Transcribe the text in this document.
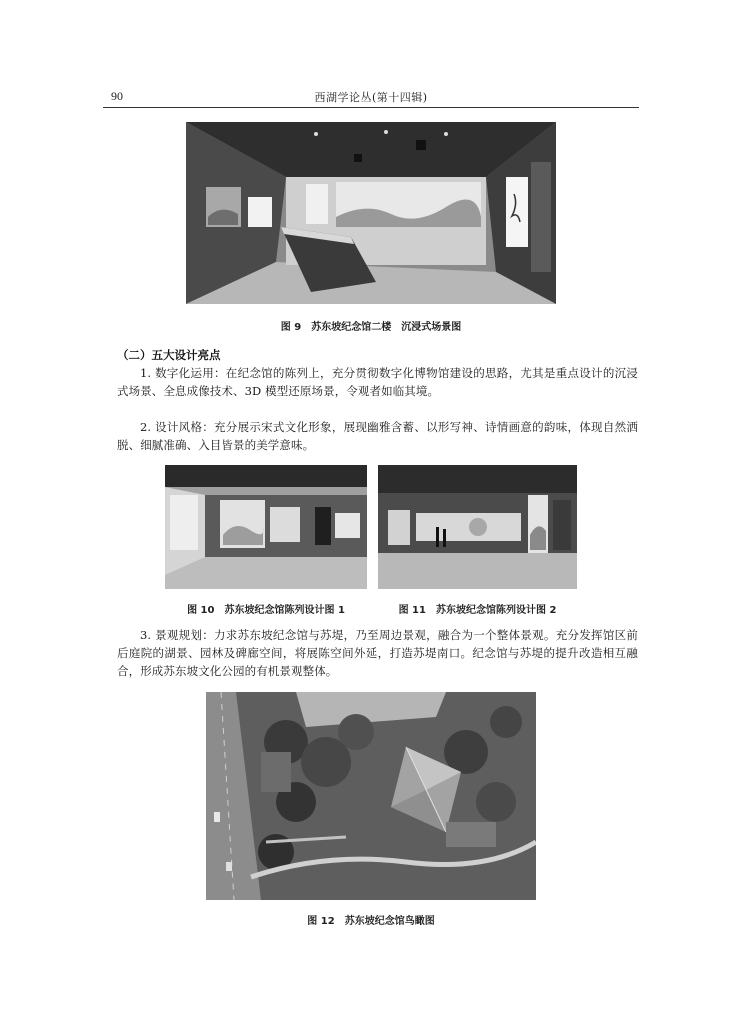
90	西湖学论丛(第十四辑)
图 9　苏东坡纪念馆二楼　沉浸式场景图
（二）五大设计亮点

1. 数字化运用：在纪念馆的陈列上，充分贯彻数字化博物馆建设的思路，尤其是重点设计的沉浸式场景、全息成像技术、3D 模型还原场景，令观者如临其境。

2. 设计风格：充分展示宋式文化形象，展现幽雅含蓄、以形写神、诗情画意的韵味，体现自然洒脱、细腻准确、入目皆景的美学意味。

图 10　苏东坡纪念馆陈列设计图 1	图 11　苏东坡纪念馆陈列设计图 2

3. 景观规划：力求苏东坡纪念馆与苏堤，乃至周边景观，融合为一个整体景观。充分发挥馆区前后庭院的湖景、园林及碑廊空间，将展陈空间外延，打造苏堤南口。纪念馆与苏堤的提升改造相互融合，形成苏东坡文化公园的有机景观整体。

图 12　苏东坡纪念馆鸟瞰图
